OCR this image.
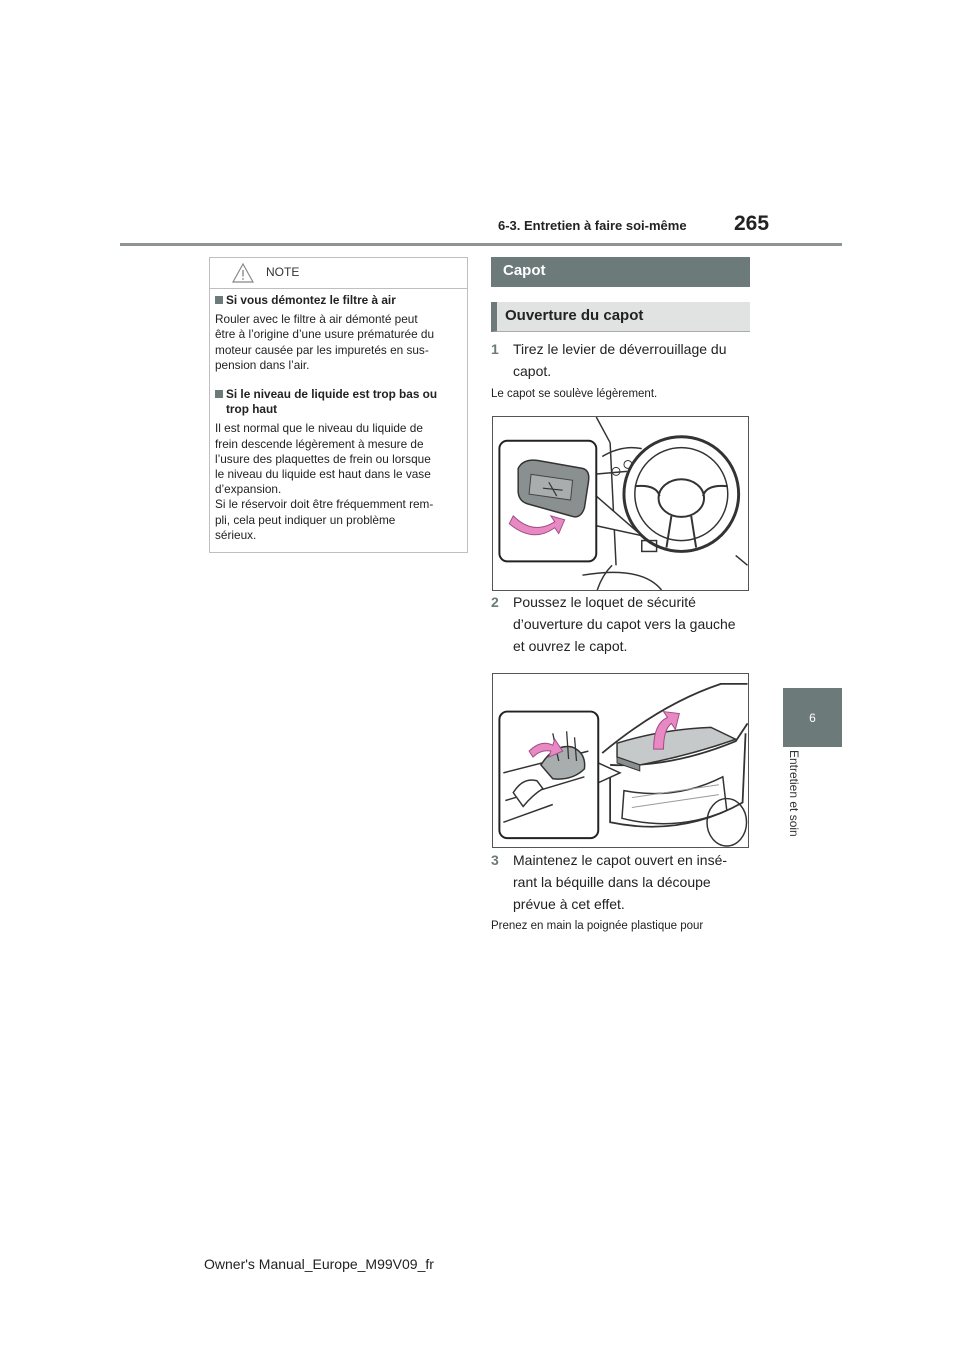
6-3. Entretien à faire soi-même 265
6
Entretien et soin
NOTE
Si vous démontez le filtre à air
Rouler avec le filtre à air démonté peut
être à l’origine d’une usure prématurée du
moteur causée par les impuretés en sus-
pension dans l’air.
Si le niveau de liquide est trop bas ou
trop haut
Il est normal que le niveau du liquide de
frein descende légèrement à mesure de
l’usure des plaquettes de frein ou lorsque
le niveau du liquide est haut dans le vase
d’expansion.
Si le réservoir doit être fréquemment rem-
pli, cela peut indiquer un problème
sérieux.
Capot
Ouverture du capot
1 Tirez le levier de déverrouillage du
capot.
Le capot se soulève légèrement.
2 Poussez le loquet de sécurité
d’ouverture du capot vers la gauche
et ouvrez le capot.
3 Maintenez le capot ouvert en insé-
rant la béquille dans la découpe
prévue à cet effet.
Prenez en main la poignée plastique pour
Owner's Manual_Europe_M99V09_fr
